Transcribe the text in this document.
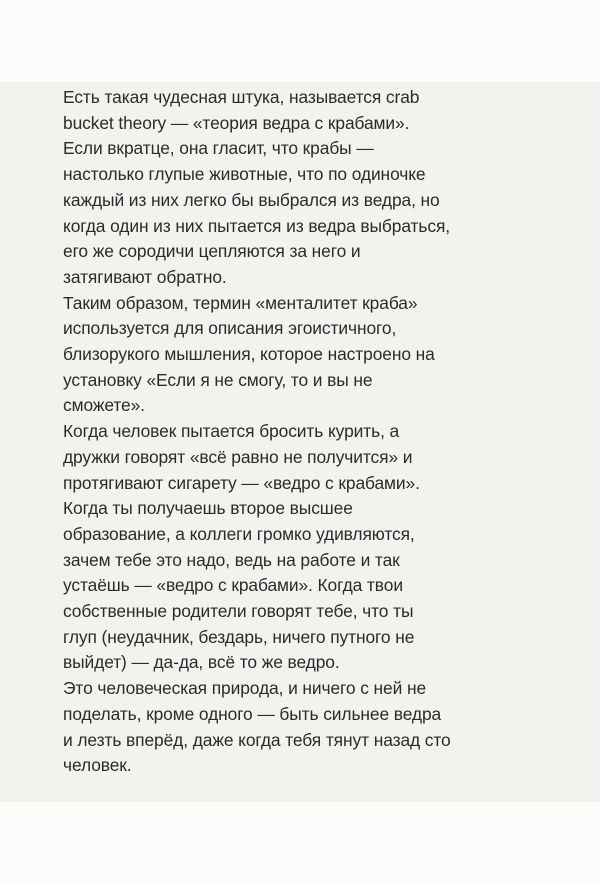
Есть такая чудесная штука, называется crab
bucket theory — «теория ведра с крабами».
Если вкратце, она гласит, что крабы —
настолько глупые животные, что по одиночке
каждый из них легко бы выбрался из ведра, но
когда один из них пытается из ведра выбраться,
его же сородичи цепляются за него и
затягивают обратно.
Таким образом, термин «менталитет краба»
используется для описания эгоистичного,
близорукого мышления, которое настроено на
установку «Если я не смогу, то и вы не
сможете».
Когда человек пытается бросить курить, а
дружки говорят «всё равно не получится» и
протягивают сигарету — «ведро с крабами».
Когда ты получаешь второе высшее
образование, а коллеги громко удивляются,
зачем тебе это надо, ведь на работе и так
устаёшь — «ведро с крабами». Когда твои
собственные родители говорят тебе, что ты
глуп (неудачник, бездарь, ничего путного не
выйдет) — да-да, всё то же ведро.
Это человеческая природа, и ничего с ней не
поделать, кроме одного — быть сильнее ведра
и лезть вперёд, даже когда тебя тянут назад сто
человек.
